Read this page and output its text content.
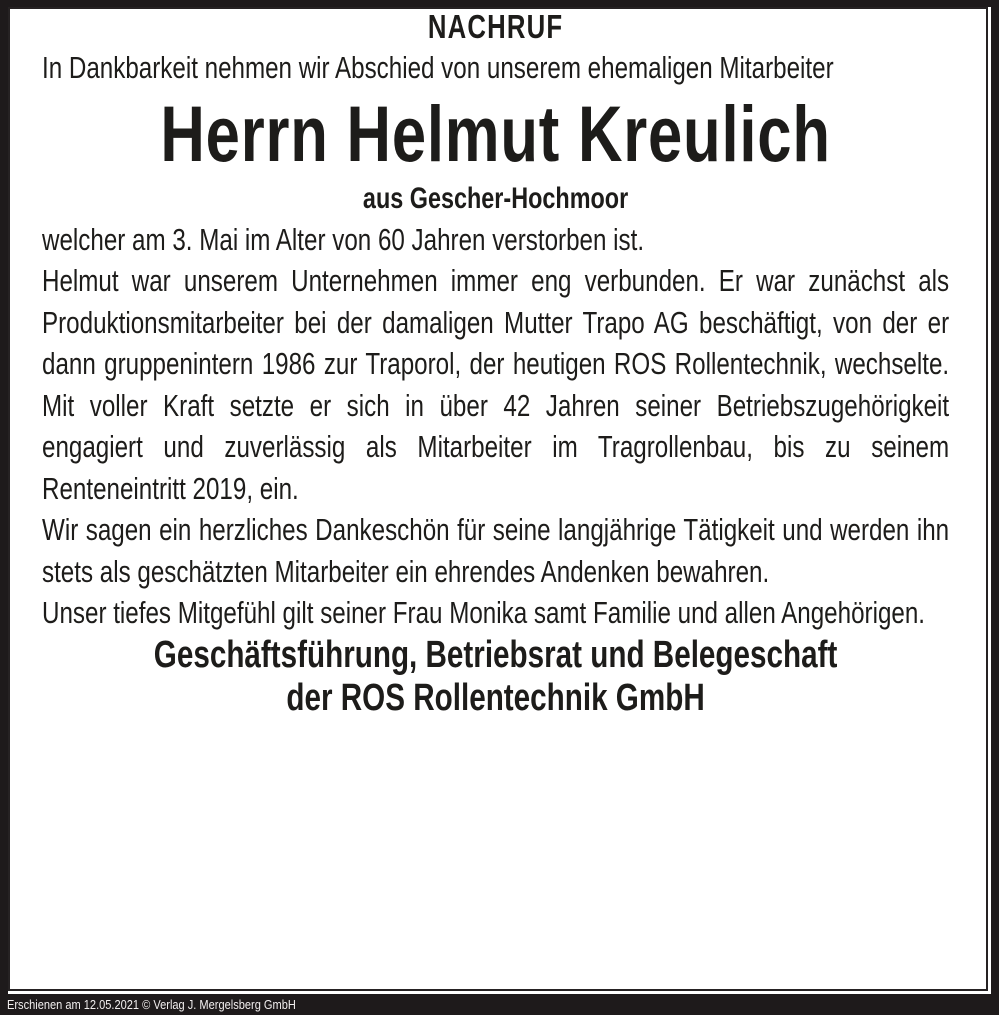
NACHRUF

In Dankbarkeit nehmen wir Abschied von unserem ehemaligen Mitarbeiter

Herrn Helmut Kreulich

aus Gescher-Hochmoor

welcher am 3. Mai im Alter von 60 Jahren verstorben ist.

Helmut war unserem Unternehmen immer eng verbunden. Er war zunächst als Produktionsmitarbeiter bei der damaligen Mutter Trapo AG beschäftigt, von der er dann gruppenintern 1986 zur Traporol, der heutigen ROS Rollentechnik, wechselte. Mit voller Kraft setzte er sich in über 42 Jahren seiner Betriebszugehörigkeit engagiert und zuverlässig als Mitarbeiter im Tragrollenbau, bis zu seinem Renteneintritt 2019, ein.

Wir sagen ein herzliches Dankeschön für seine langjährige Tätigkeit und werden ihn stets als geschätzten Mitarbeiter ein ehrendes Andenken bewahren.

Unser tiefes Mitgefühl gilt seiner Frau Monika samt Familie und allen Angehörigen.

Geschäftsführung, Betriebsrat und Belegeschaft

der ROS Rollentechnik GmbH

Erschienen am 12.05.2021 © Verlag J. Mergelsberg GmbH
